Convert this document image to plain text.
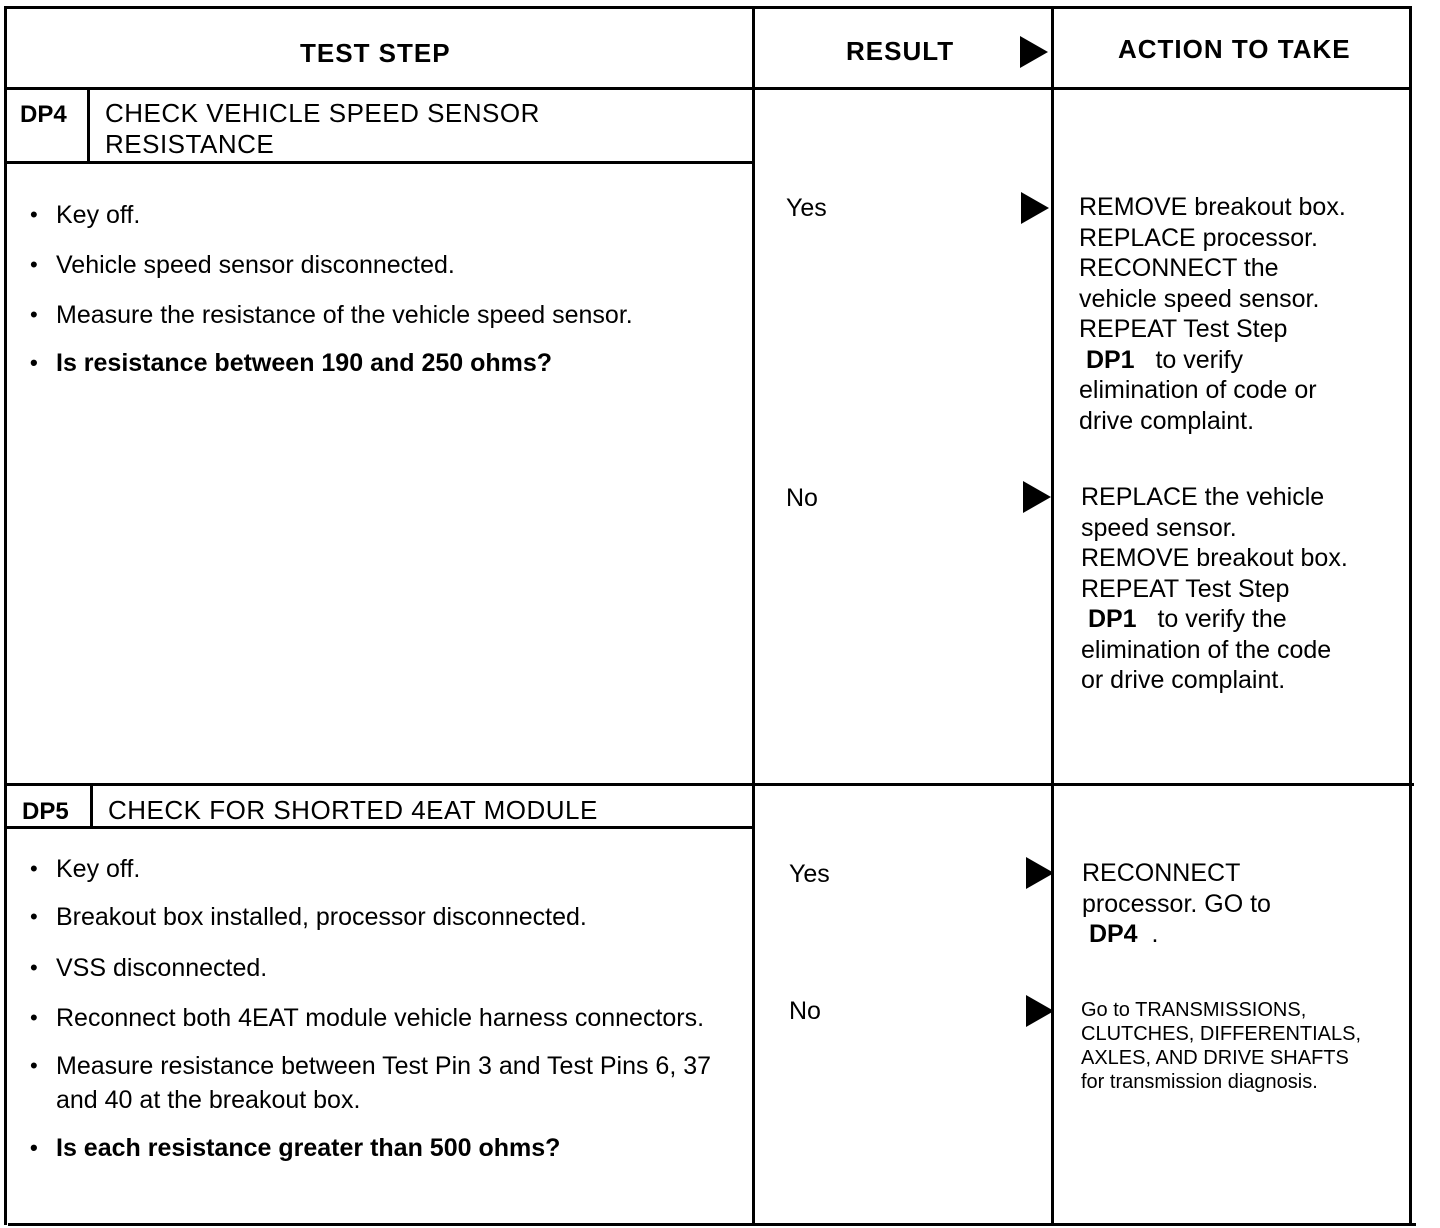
TEST STEP	RESULT	ACTION TO TAKE
DP4 CHECK VEHICLE SPEED SENSOR
RESISTANCE
• Key off.
• Vehicle speed sensor disconnected.
• Measure the resistance of the vehicle speed sensor.
• Is resistance between 190 and 250 ohms?
Yes	REMOVE breakout box.
REPLACE processor.
RECONNECT the
vehicle speed sensor.
REPEAT Test Step
DP1 to verify
elimination of code or
drive complaint.
No	REPLACE the vehicle
speed sensor.
REMOVE breakout box.
REPEAT Test Step
DP1 to verify the
elimination of the code
or drive complaint.
DP5 CHECK FOR SHORTED 4EAT MODULE
• Key off.
• Breakout box installed, processor disconnected.
• VSS disconnected.
• Reconnect both 4EAT module vehicle harness connectors.
• Measure resistance between Test Pin 3 and Test Pins 6, 37 and 40 at the breakout box.
• Is each resistance greater than 500 ohms?
Yes	RECONNECT
processor. GO to
DP4 .
No	Go to TRANSMISSIONS,
CLUTCHES, DIFFERENTIALS,
AXLES, AND DRIVE SHAFTS
for transmission diagnosis.
